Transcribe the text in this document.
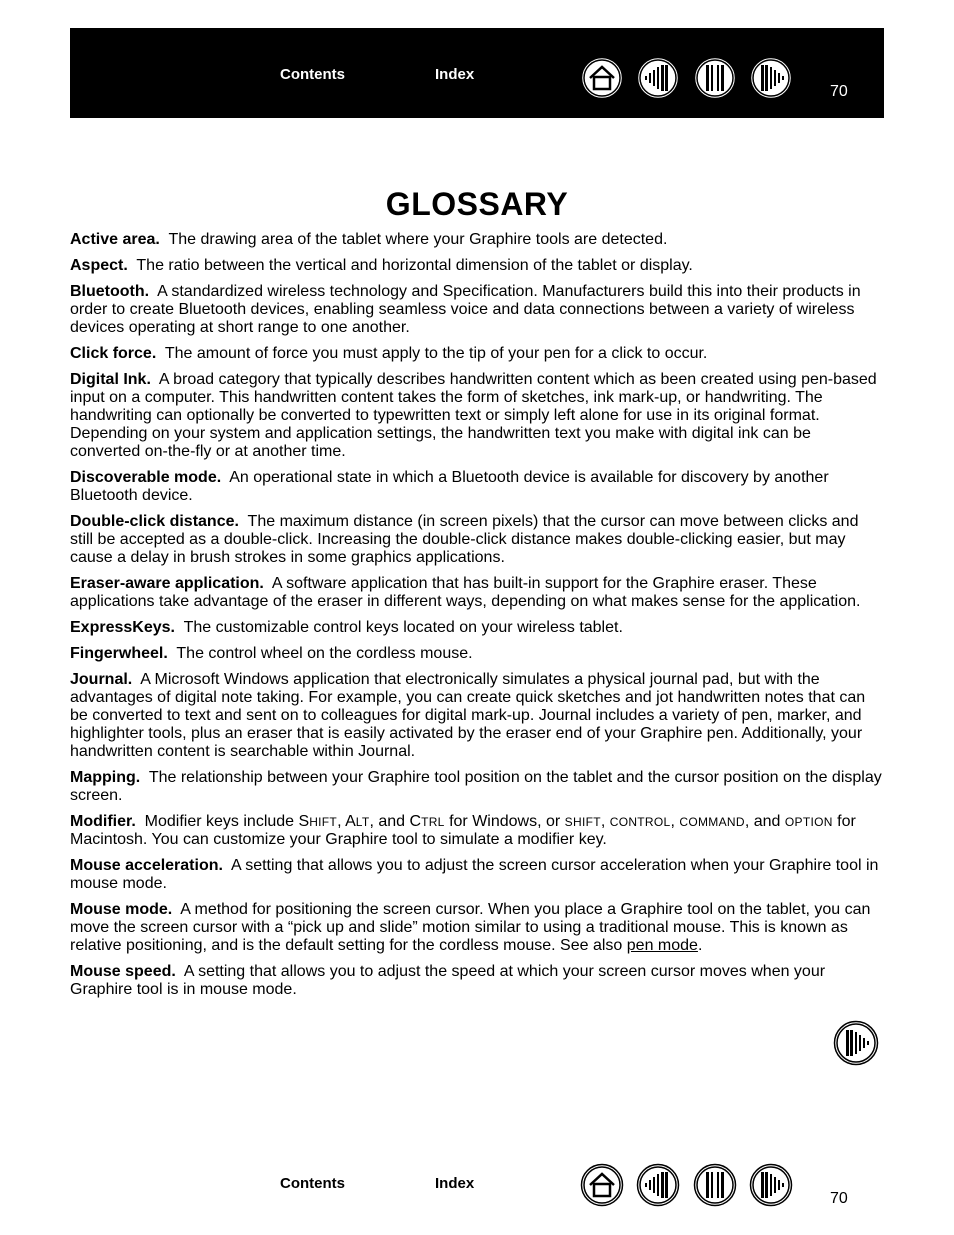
Contents	Index
70
GLOSSARY

Active area. The drawing area of the tablet where your Graphire tools are detected.

Aspect. The ratio between the vertical and horizontal dimension of the tablet or display.

Bluetooth. A standardized wireless technology and Specification. Manufacturers build this into their products in order to create Bluetooth devices, enabling seamless voice and data connections between a variety of wireless devices operating at short range to one another.

Click force. The amount of force you must apply to the tip of your pen for a click to occur.

Digital Ink. A broad category that typically describes handwritten content which as been created using pen-based input on a computer. This handwritten content takes the form of sketches, ink mark-up, or handwriting. The handwriting can optionally be converted to typewritten text or simply left alone for use in its original format. Depending on your system and application settings, the handwritten text you make with digital ink can be converted on-the-fly or at another time.

Discoverable mode. An operational state in which a Bluetooth device is available for discovery by another Bluetooth device.

Double-click distance. The maximum distance (in screen pixels) that the cursor can move between clicks and still be accepted as a double-click. Increasing the double-click distance makes double-clicking easier, but may cause a delay in brush strokes in some graphics applications.

Eraser-aware application. A software application that has built-in support for the Graphire eraser. These applications take advantage of the eraser in different ways, depending on what makes sense for the application.

ExpressKeys. The customizable control keys located on your wireless tablet.

Fingerwheel. The control wheel on the cordless mouse.

Journal. A Microsoft Windows application that electronically simulates a physical journal pad, but with the advantages of digital note taking. For example, you can create quick sketches and jot handwritten notes that can be converted to text and sent on to colleagues for digital mark-up. Journal includes a variety of pen, marker, and highlighter tools, plus an eraser that is easily activated by the eraser end of your Graphire pen. Additionally, your handwritten content is searchable within Journal.

Mapping. The relationship between your Graphire tool position on the tablet and the cursor position on the display screen.

Modifier. Modifier keys include SHIFT, ALT, and CTRL for Windows, or SHIFT, CONTROL, COMMAND, and OPTION for Macintosh. You can customize your Graphire tool to simulate a modifier key.

Mouse acceleration. A setting that allows you to adjust the screen cursor acceleration when your Graphire tool in mouse mode.

Mouse mode. A method for positioning the screen cursor. When you place a Graphire tool on the tablet, you can move the screen cursor with a “pick up and slide” motion similar to using a traditional mouse. This is known as relative positioning, and is the default setting for the cordless mouse. See also pen mode.

Mouse speed. A setting that allows you to adjust the speed at which your screen cursor moves when your Graphire tool is in mouse mode.

Contents	Index
70
